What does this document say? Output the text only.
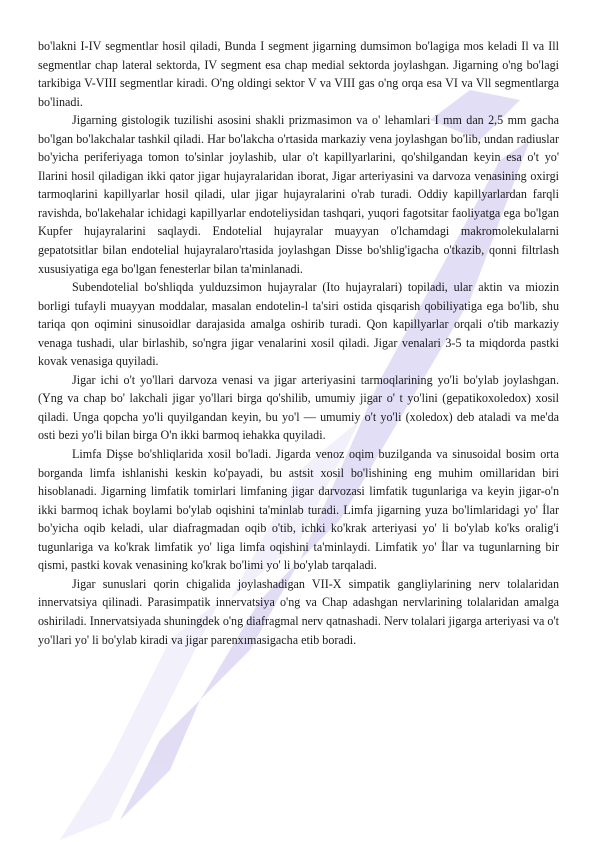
bo'lakni I-IV segmentlar hosil qiladi, Bunda I segment jigarning dumsimon bo'lagiga mos keladi Il va Ill segmentlar chap lateral sektorda, IV segment esa chap medial sektorda joylashgan. Jigarning o'ng bo'lagi tarkibiga V-VIII segmentlar kiradi. O'ng oldingi sektor V va VIII gas o'ng orqa esa VI va Vll segmentlarga bo'linadi.

Jigarning gistologik tuzilishi asosini shakli prizmasimon va o' lehamlari I mm dan 2,5 mm gacha bo'lgan bo'lakchalar tashkil qiladi. Har bo'lakcha o'rtasida markaziy vena joylashgan bo'lib, undan radiuslar bo'yicha periferiyaga tomon to'sinlar joylashib, ular o't kapillyarlarini, qo'shilgandan keyin esa o't yo' Ilarini hosil qiladigan ikki qator jigar hujayralaridan iborat, Jigar arteriyasini va darvoza venasining oxirgi tarmoqlarini kapillyarlar hosil qiladi, ular jigar hujayralarini o'rab turadi. Oddiy kapillyarlardan farqli ravishda, bo'lakehalar ichidagi kapillyarlar endoteliysidan tashqari, yuqori fagotsitar faoliyatga ega bo'lgan Kupfer hujayralarini saqlaydi. Endotelial hujayralar muayyan o'lchamdagi makromolekulalarni gepatotsitlar bilan endotelial hujayralaro'rtasida joylashgan Disse bo'shlig'igacha o'tkazib, qonni filtrlash xususiyatiga ega bo'lgan fenesterlar bilan ta'minlanadi.

Subendotelial bo'shliqda yulduzsimon hujayralar (Ito hujayralari) topiladi, ular aktin va miozin borligi tufayli muayyan moddalar, masalan endotelin-l ta'siri ostida qisqarish qobiliyatiga ega bo'lib, shu tariqa qon oqimini sinusoidlar darajasida amalga oshirib turadi. Qon kapillyarlar orqali o'tib markaziy venaga tushadi, ular birlashib, so'ngra jigar venalarini xosil qiladi. Jigar venalari 3-5 ta miqdorda pastki kovak venasiga quyiladi.

Jigar ichi o't yo'llari darvoza venasi va jigar arteriyasini tarmoqlarining yo'li bo'ylab joylashgan. (Yng va chap bo' lakchali jigar yo'llari birga qo'shilib, umumiy jigar o' t yo'lini (gepatikoxoledox) xosil qiladi. Unga qopcha yo'li quyilgandan keyin, bu yo'l — umumiy o't yo'li (xoledox) deb ataladi va me'da osti bezi yo'li bilan birga O'n ikki barmoq iehakka quyiladi.

Limfa Dişse bo'shliqlarida xosil bo'ladi. Jigarda venoz oqim buzilganda va sinusoidal bosim orta borganda limfa ishlanishi keskin ko'payadi, bu astsit xosil bo'lishining eng muhim omillaridan biri hisoblanadi. Jigarning limfatik tomirlari limfaning jigar darvozasi limfatik tugunlariga va keyin jigar-o'n ikki barmoq ichak boylami bo'ylab oqishini ta'minlab turadi. Limfa jigarning yuza bo'limlaridagi yo' İlar bo'yicha oqib keladi, ular diafragmadan oqib o'tib, ichki ko'krak arteriyasi yo' li bo'ylab ko'ks oralig'i tugunlariga va ko'krak limfatik yo' liga limfa oqishini ta'minlaydi. Limfatik yo' İlar va tugunlarning bir qismi, pastki kovak venasining ko'krak bo'limi yo' li bo'ylab tarqaladi.

Jigar sunuslari qorin chigalida joylashadigan VII-X simpatik gangliylarining nerv tolalaridan innervatsiya qilinadi. Parasimpatik innervatsiya o'ng va Chap adashgan nervlarining tolalaridan amalga oshiriladi. Innervatsiyada shuningdek o'ng diafragmal nerv qatnashadi. Nerv tolalari jigarga arteriyasi va o't yo'llari yo' li bo'ylab kiradi va jigar parenxımasigacha etib boradi.
